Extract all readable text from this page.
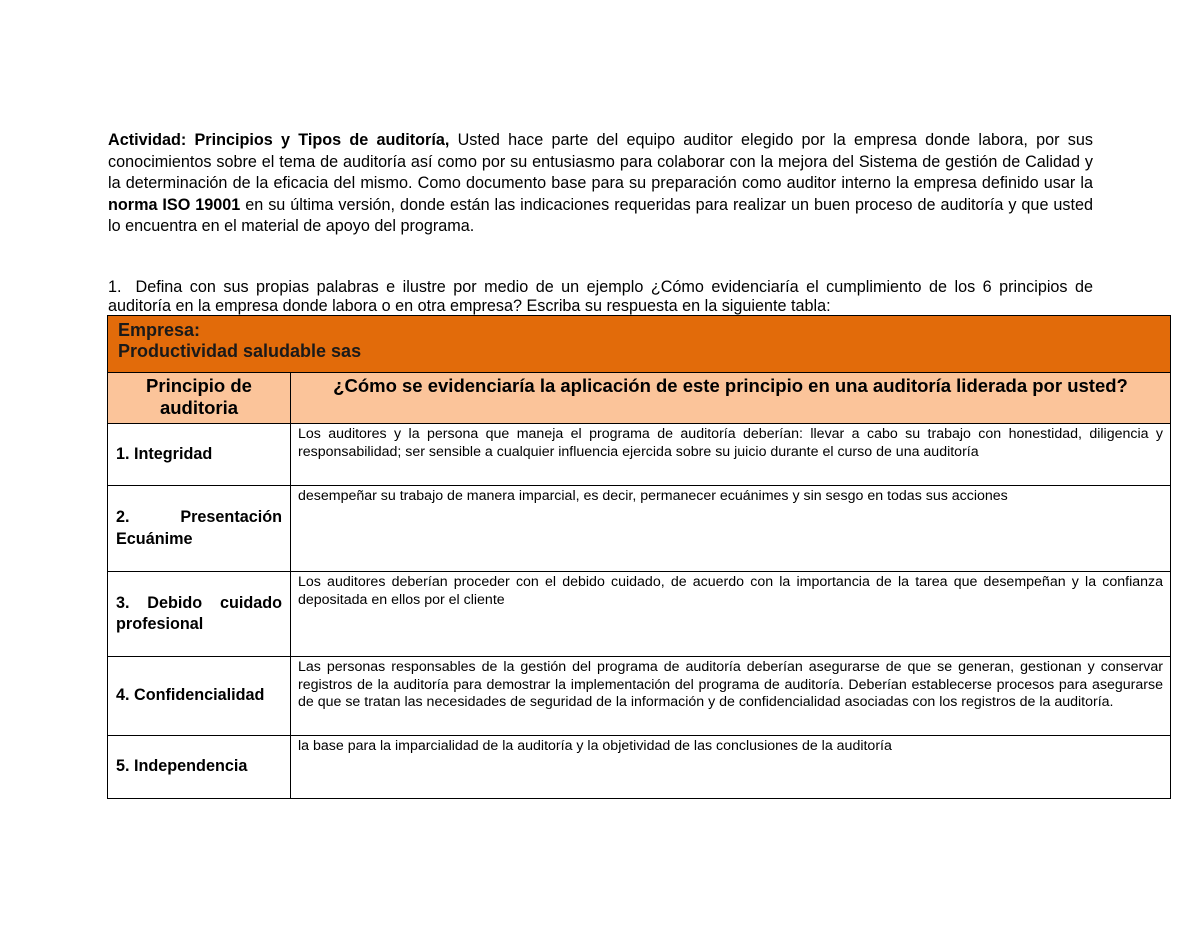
Actividad: Principios y Tipos de auditoría, Usted hace parte del equipo auditor elegido por la empresa donde labora, por sus conocimientos sobre el tema de auditoría así como por su entusiasmo para colaborar con la mejora del Sistema de gestión de Calidad y la determinación de la eficacia del mismo. Como documento base para su preparación como auditor interno la empresa definido usar la norma ISO 19001 en su última versión, donde están las indicaciones requeridas para realizar un buen proceso de auditoría y que usted lo encuentra en el material de apoyo del programa.
1. Defina con sus propias palabras e ilustre por medio de un ejemplo ¿Cómo evidenciaría el cumplimiento de los 6 principios de auditoría en la empresa donde labora o en otra empresa? Escriba su respuesta en la siguiente tabla:
Empresa:
Productividad saludable sas	

Principio de auditoria	¿Cómo se evidenciaría la aplicación de este principio en una auditoría liderada por usted?
1. Integridad	Los auditores y la persona que maneja el programa de auditoría deberían: llevar a cabo su trabajo con honestidad, diligencia y responsabilidad; ser sensible a cualquier influencia ejercida sobre su juicio durante el curso de una auditoría
2. Presentación Ecuánime	desempeñar su trabajo de manera imparcial, es decir, permanecer ecuánimes y sin sesgo en todas sus acciones
3. Debido cuidado profesional	Los auditores deberían proceder con el debido cuidado, de acuerdo con la importancia de la tarea que desempeñan y la confianza depositada en ellos por el cliente
4. Confidencialidad	Las personas responsables de la gestión del programa de auditoría deberían asegurarse de que se generan, gestionan y conservar registros de la auditoría para demostrar la implementación del programa de auditoría. Deberían establecerse procesos para asegurarse de que se tratan las necesidades de seguridad de la información y de confidencialidad asociadas con los registros de la auditoría.
5. Independencia	la base para la imparcialidad de la auditoría y la objetividad de las conclusiones de la auditoría
